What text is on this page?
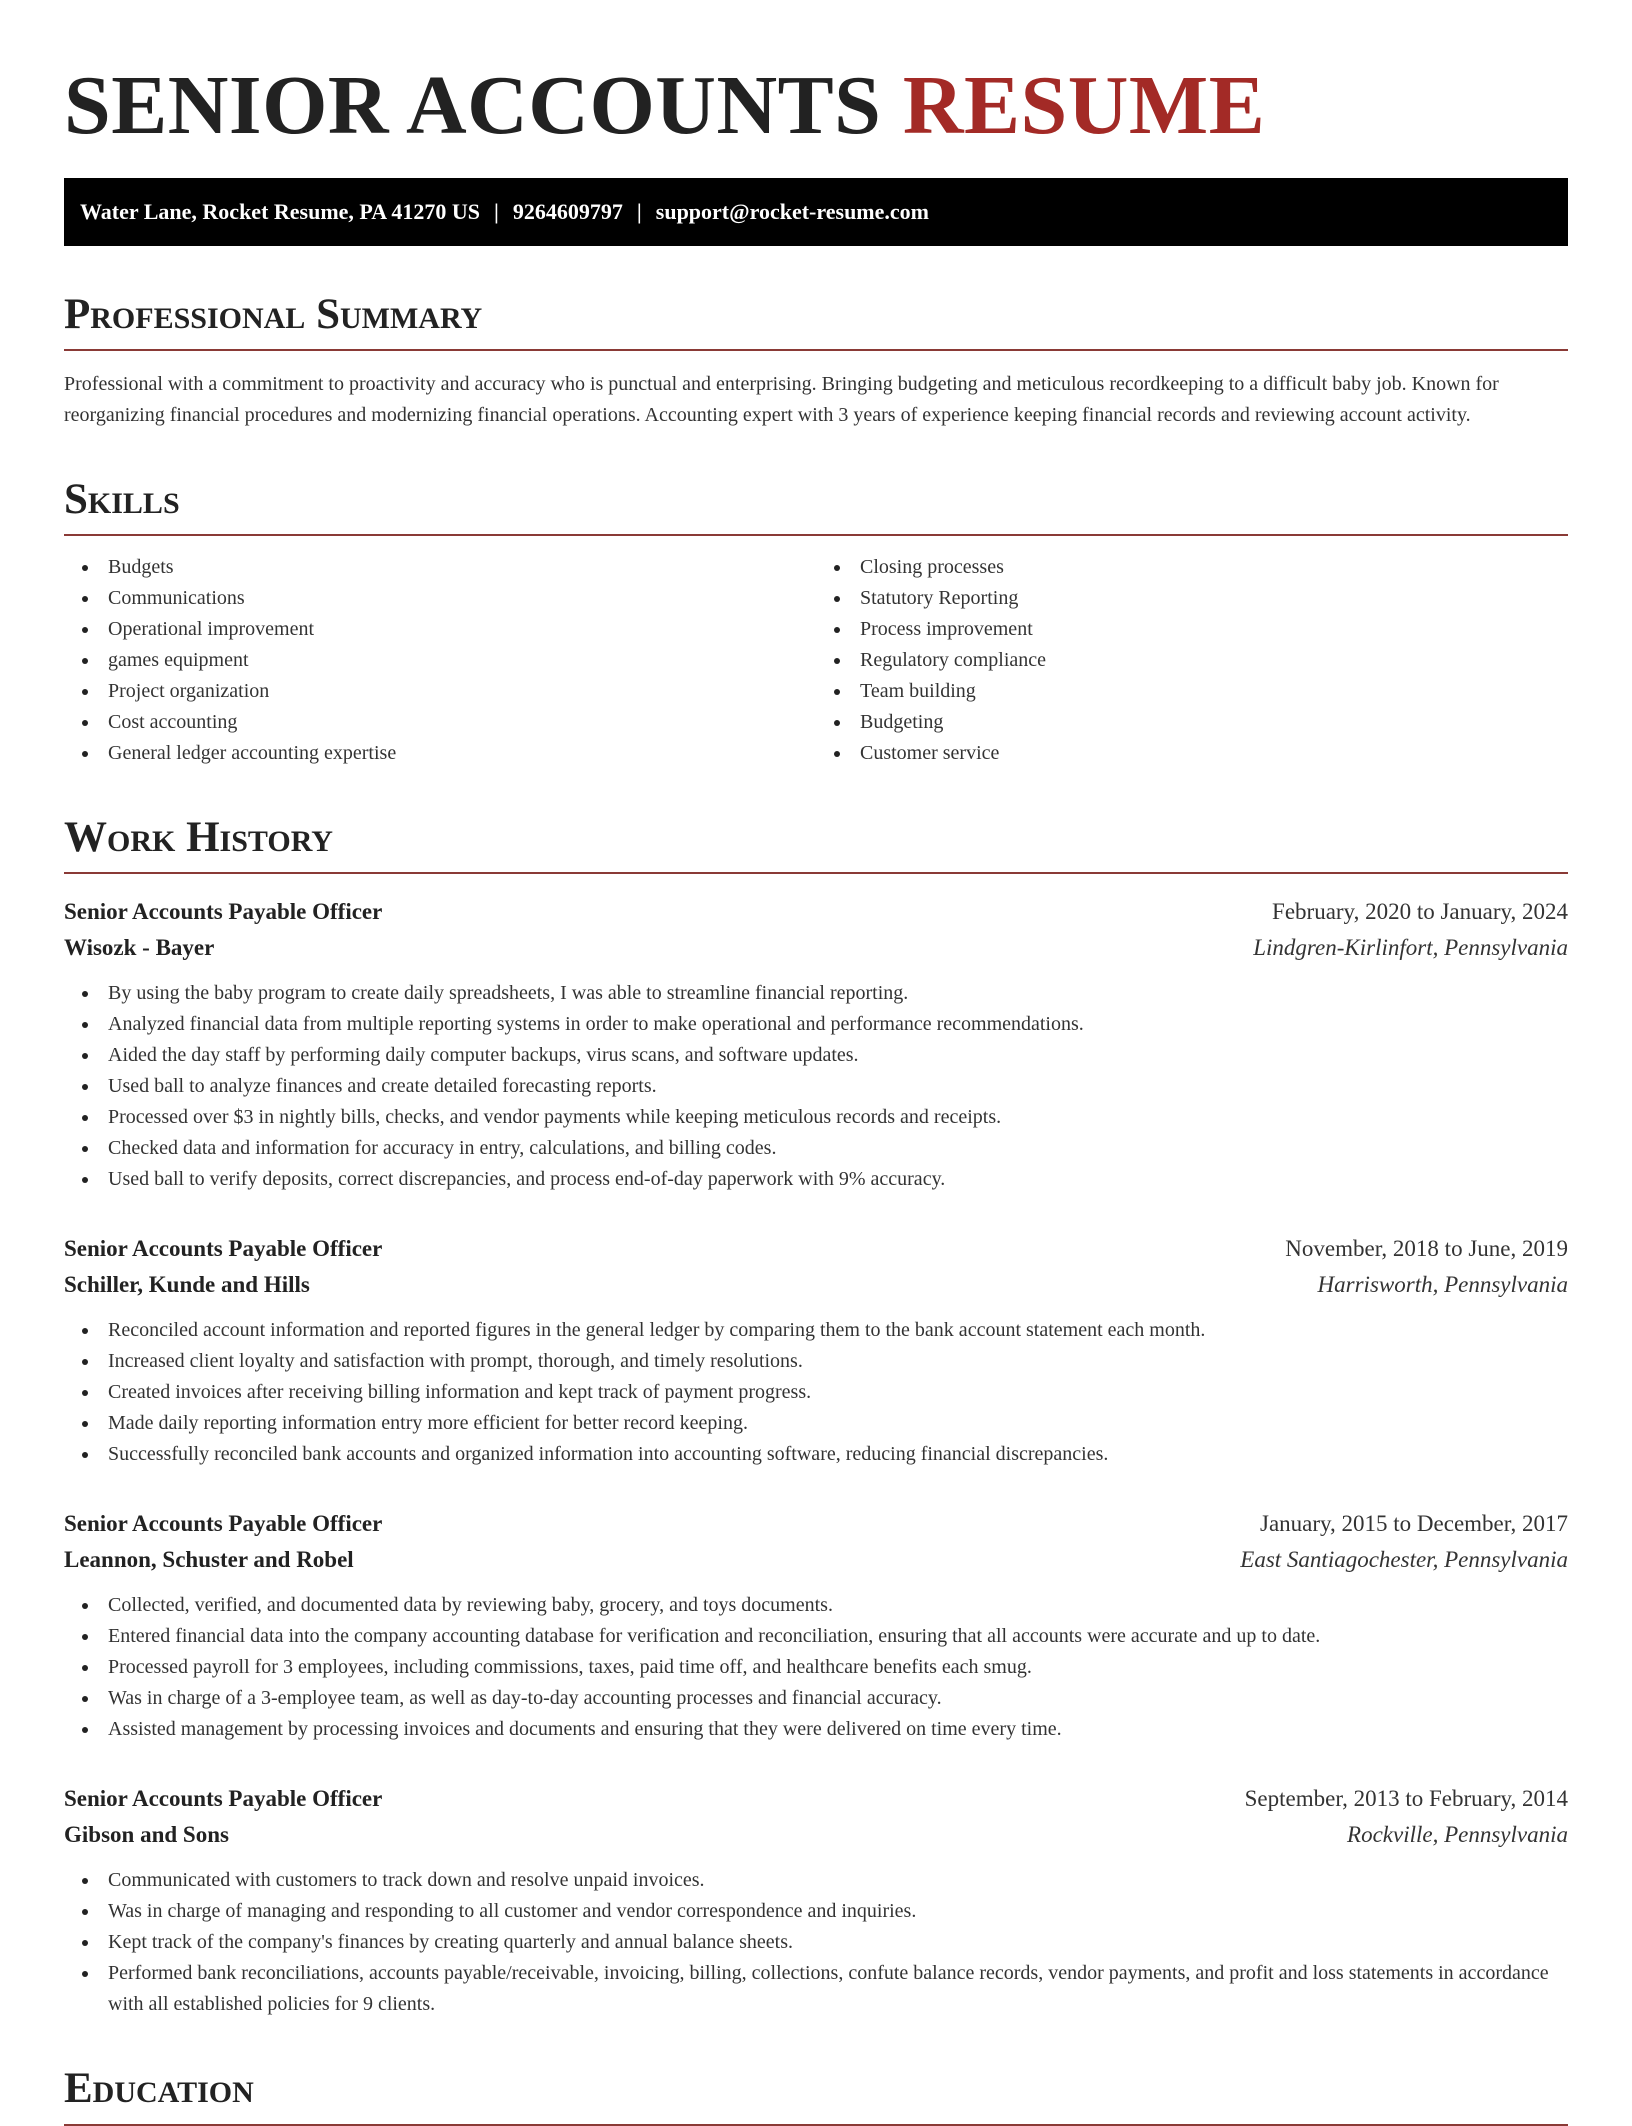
SENIOR ACCOUNTS RESUME
Water Lane, Rocket Resume, PA 41270 US | 9264609797 | support@rocket-resume.com
Professional Summary

Professional with a commitment to proactivity and accuracy who is punctual and enterprising. Bringing budgeting and meticulous recordkeeping to a difficult baby job. Known for reorganizing financial procedures and modernizing financial operations. Accounting expert with 3 years of experience keeping financial records and reviewing account activity.

Skills
Budgets
Communications
Operational improvement
games equipment
Project organization
Cost accounting
General ledger accounting expertise
Closing processes
Statutory Reporting
Process improvement
Regulatory compliance
Team building
Budgeting
Customer service
Work History
Senior Accounts Payable Officer	February, 2020 to January, 2024
Wisozk - Bayer	Lindgren-Kirlinfort, Pennsylvania
By using the baby program to create daily spreadsheets, I was able to streamline financial reporting.
Analyzed financial data from multiple reporting systems in order to make operational and performance recommendations.
Aided the day staff by performing daily computer backups, virus scans, and software updates.
Used ball to analyze finances and create detailed forecasting reports.
Processed over $3 in nightly bills, checks, and vendor payments while keeping meticulous records and receipts.
Checked data and information for accuracy in entry, calculations, and billing codes.
Used ball to verify deposits, correct discrepancies, and process end-of-day paperwork with 9% accuracy.
Senior Accounts Payable Officer	November, 2018 to June, 2019
Schiller, Kunde and Hills	Harrisworth, Pennsylvania
Reconciled account information and reported figures in the general ledger by comparing them to the bank account statement each month.
Increased client loyalty and satisfaction with prompt, thorough, and timely resolutions.
Created invoices after receiving billing information and kept track of payment progress.
Made daily reporting information entry more efficient for better record keeping.
Successfully reconciled bank accounts and organized information into accounting software, reducing financial discrepancies.
Senior Accounts Payable Officer	January, 2015 to December, 2017
Leannon, Schuster and Robel	East Santiagochester, Pennsylvania
Collected, verified, and documented data by reviewing baby, grocery, and toys documents.
Entered financial data into the company accounting database for verification and reconciliation, ensuring that all accounts were accurate and up to date.
Processed payroll for 3 employees, including commissions, taxes, paid time off, and healthcare benefits each smug.
Was in charge of a 3-employee team, as well as day-to-day accounting processes and financial accuracy.
Assisted management by processing invoices and documents and ensuring that they were delivered on time every time.
Senior Accounts Payable Officer	September, 2013 to February, 2014
Gibson and Sons	Rockville, Pennsylvania
Communicated with customers to track down and resolve unpaid invoices.
Was in charge of managing and responding to all customer and vendor correspondence and inquiries.
Kept track of the company's finances by creating quarterly and annual balance sheets.
Performed bank reconciliations, accounts payable/receivable, invoicing, billing, collections, confute balance records, vendor payments, and profit and loss statements in accordance with all established policies for 9 clients.
Education
